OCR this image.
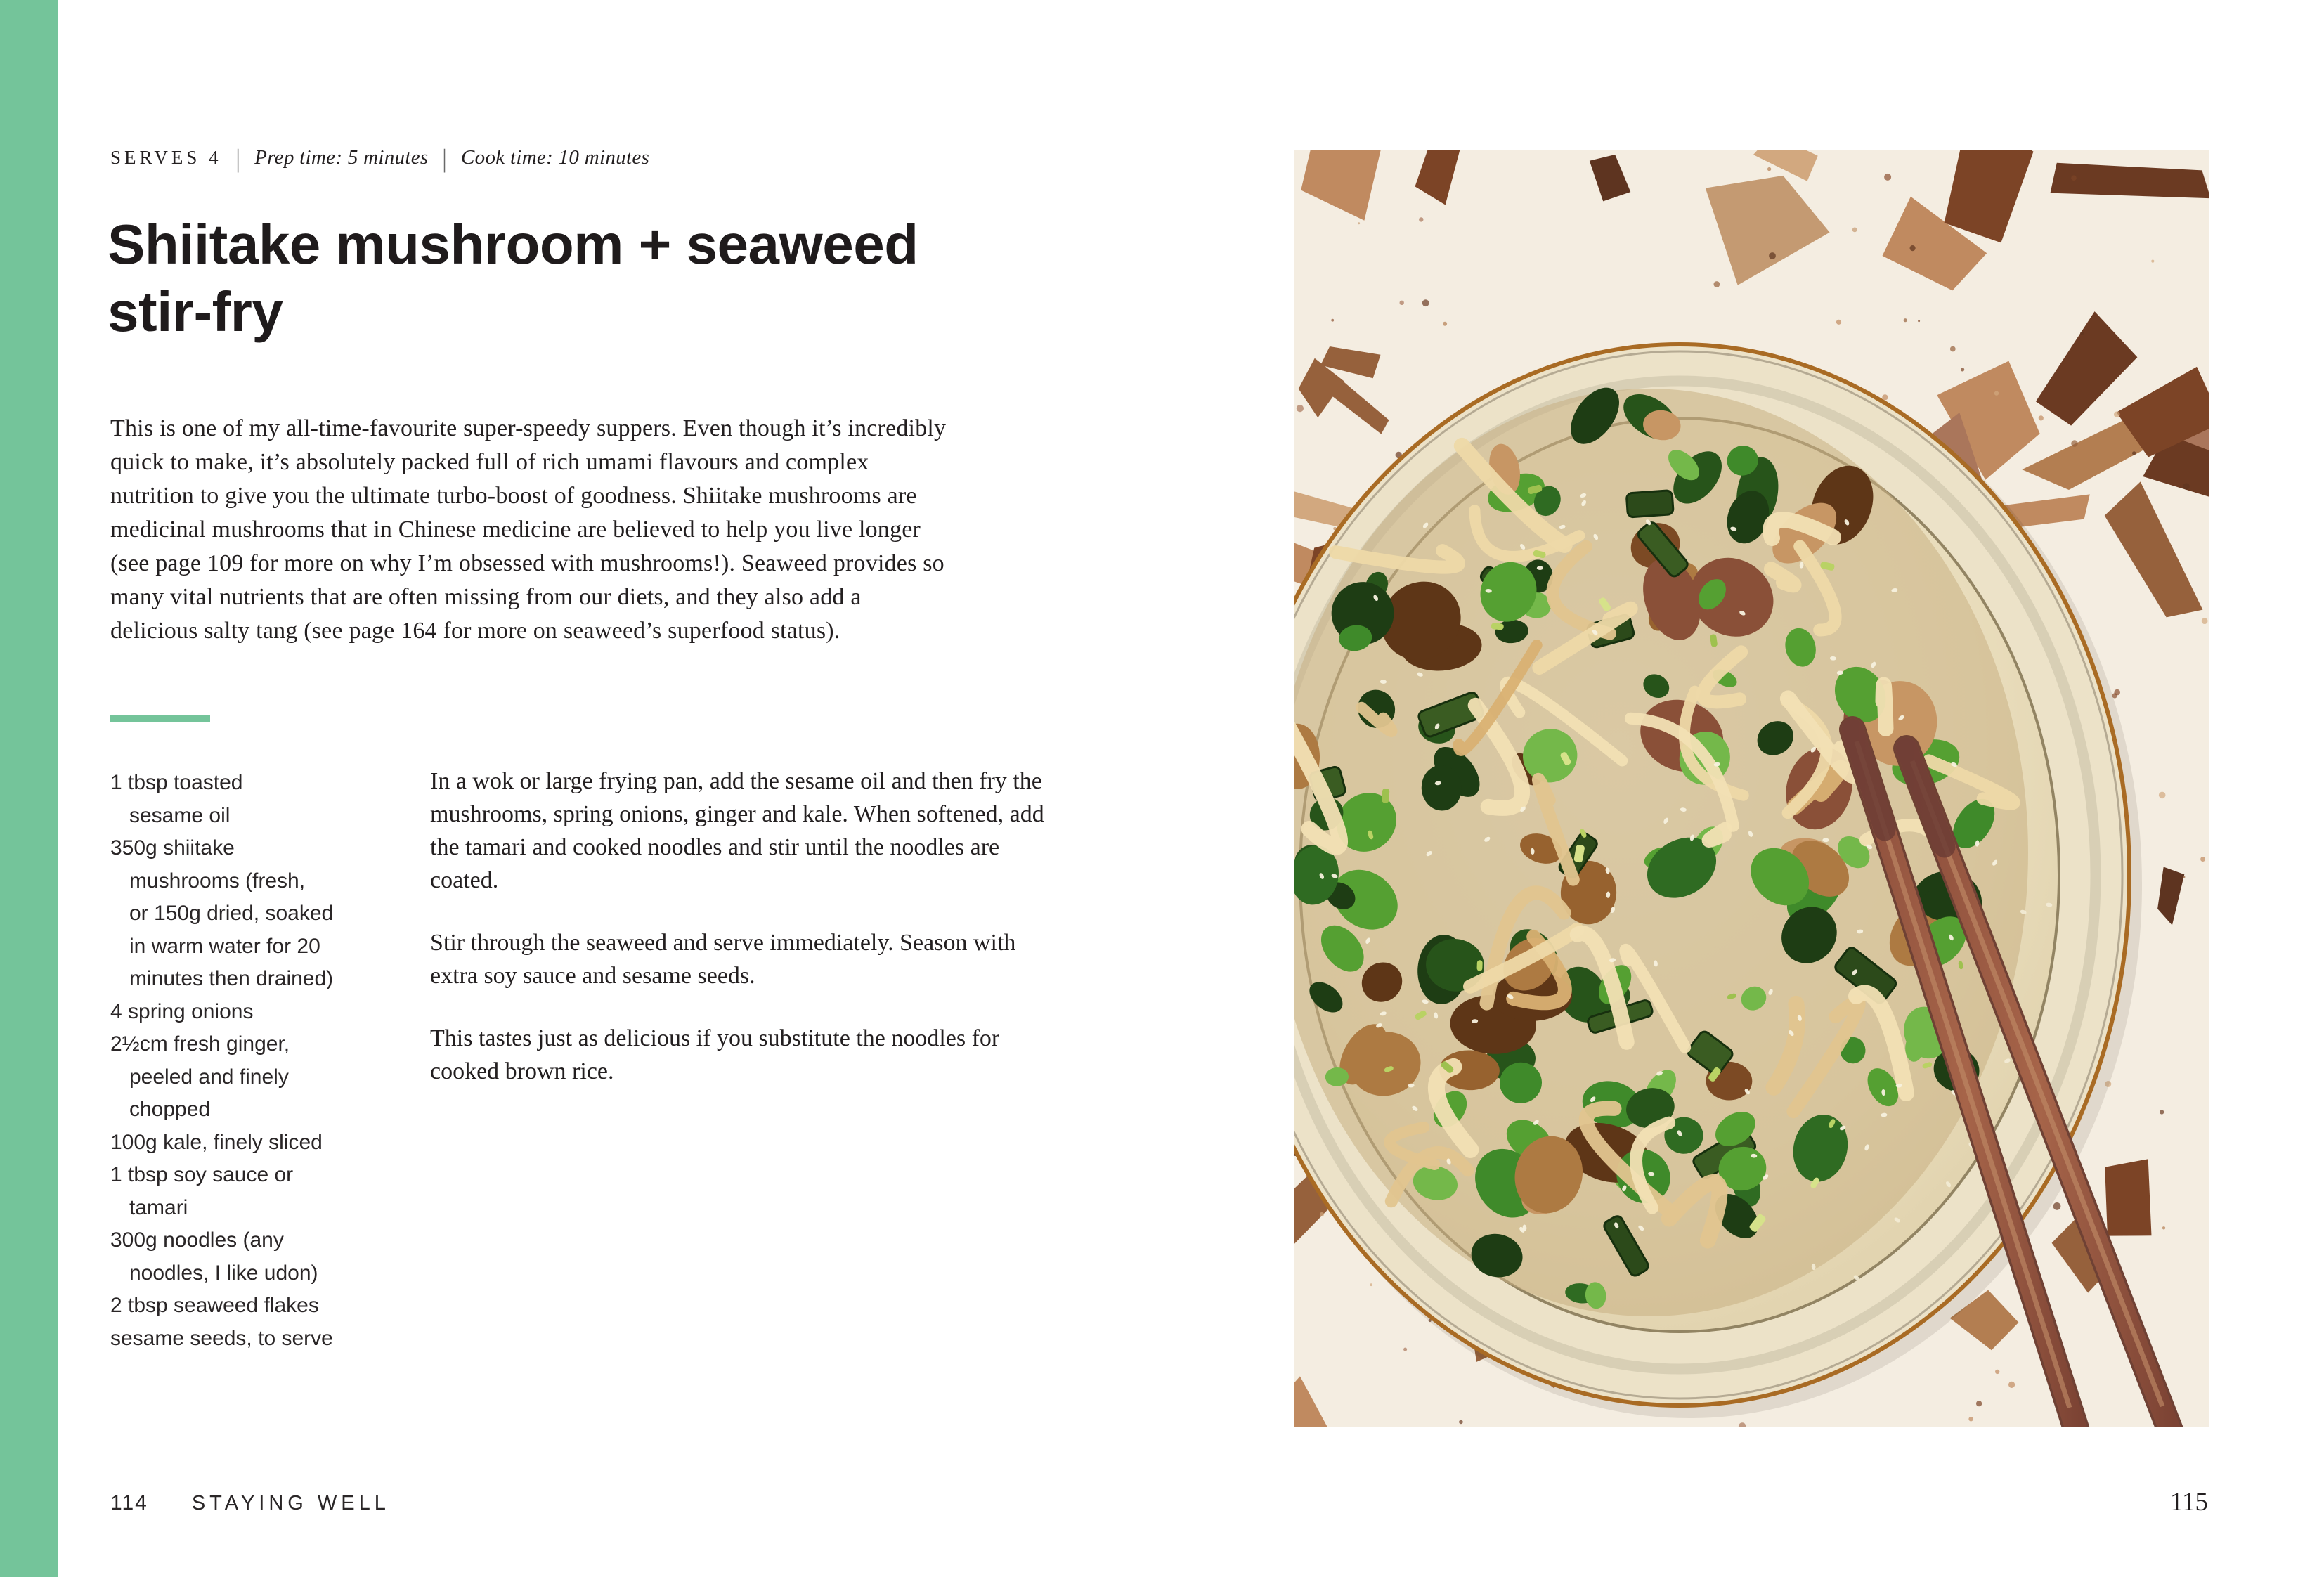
SERVES 4 | Prep time: 5 minutes | Cook time: 10 minutes
Shiitake mushroom + seaweed
stir-fry
This is one of my all-time-favourite super-speedy suppers. Even though it’s incredibly quick to make, it’s absolutely packed full of rich umami flavours and complex nutrition to give you the ultimate turbo-boost of goodness. Shiitake mushrooms are medicinal mushrooms that in Chinese medicine are believed to help you live longer (see page 109 for more on why I’m obsessed with mushrooms!). Seaweed provides so many vital nutrients that are often missing from our diets, and they also add a delicious salty tang (see page 164 for more on seaweed’s superfood status).
1 tbsp toasted
sesame oil
350g shiitake
mushrooms (fresh,
or 150g dried, soaked
in warm water for 20
minutes then drained)
4 spring onions
2½cm fresh ginger,
peeled and finely
chopped
100g kale, finely sliced
1 tbsp soy sauce or
tamari
300g noodles (any
noodles, I like udon)
2 tbsp seaweed flakes
sesame seeds, to serve

In a wok or large frying pan, add the sesame oil and then fry the mushrooms, spring onions, ginger and kale. When softened, add the tamari and cooked noodles and stir until the noodles are coated.

Stir through the seaweed and serve immediately. Season with extra soy sauce and sesame seeds.

This tastes just as delicious if you substitute the noodles for cooked brown rice.

114 STAYING WELL	115
